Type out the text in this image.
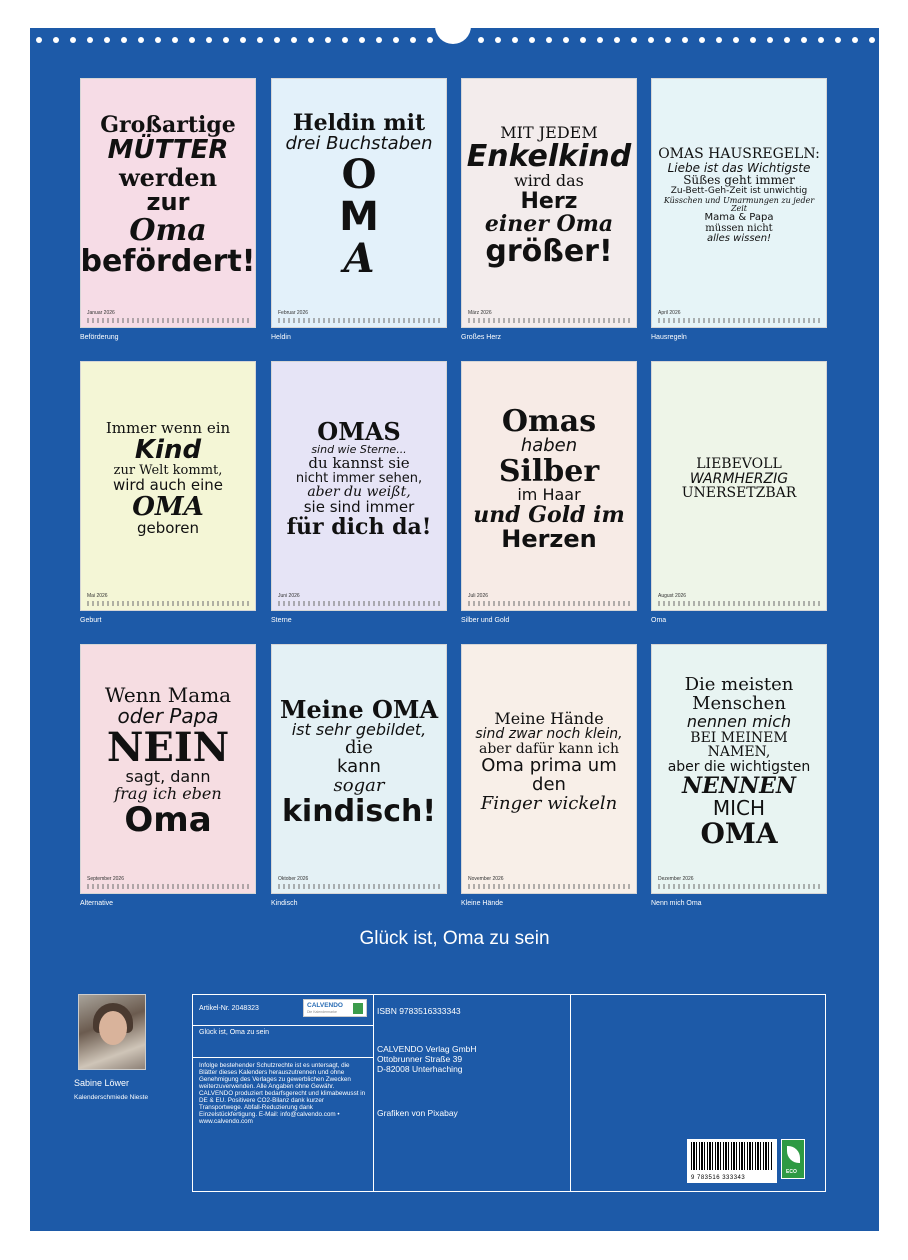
Großartige
MÜTTER
werden
zur
Oma
befördert!
Januar 2026
Beförderung
Heldin mit
drei Buchstaben
O
M
A
Februar 2026
Heldin
MIT JEDEM
Enkelkind
wird das
Herz
einer Oma
größer!
März 2026
Großes Herz
OMAS HAUSREGELN:
Liebe ist das Wichtigste
Süßes geht immer
Zu-Bett-Geh-Zeit ist unwichtig
Küsschen und Umarmungen zu jeder Zeit
Mama & Papa
müssen nicht
alles wissen!
April 2026
Hausregeln
Immer wenn ein
Kind
zur Welt kommt,
wird auch eine
OMA
geboren
Mai 2026
Geburt
OMAS
sind wie Sterne...
du kannst sie
nicht immer sehen,
aber du weißt,
sie sind immer
für dich da!
Juni 2026
Sterne
Omas
haben
Silber
im Haar
und Gold im
Herzen
Juli 2026
Silber und Gold
LIEBEVOLL
WARMHERZIG
UNERSETZBAR
August 2026
Oma
Wenn Mama
oder Papa
NEIN
sagt, dann
frag ich eben
Oma
September 2026
Alternative
Meine OMA
ist sehr gebildet,
die
kann
sogar
kindisch!
Oktober 2026
Kindisch
Meine Hände
sind zwar noch klein,
aber dafür kann ich
Oma prima um den
Finger wickeln
November 2026
Kleine Hände
Die meisten Menschen
nennen mich
BEI MEINEM NAMEN,
aber die wichtigsten
NENNEN
MICH
OMA
Dezember 2026
Nenn mich Oma
Glück ist, Oma zu sein
Sabine Löwer
Kalenderschmiede Nieste
Artikel-Nr. 2048323	CALVENDO
Die Kalendermarke
Glück ist, Oma zu sein
Infolge bestehender Schutzrechte ist es untersagt, die Blätter dieses Kalenders herauszutrennen und ohne Genehmigung des Verlages zu gewerblichen Zwecken weiterzuverwenden. Alle Angaben ohne Gewähr. CALVENDO produziert bedarfsgerecht und klimabewusst in DE & EU. Positivere CO2-Bilanz dank kurzer Transportwege. Abfall-Reduzierung dank Einzelstückfertigung. E-Mail: info@calvendo.com • www.calvendo.com
ISBN 9783516333343
CALVENDO Verlag GmbH
Ottobrunner Straße 39
D-82008 Unterhaching
Grafiken von Pixabay
9 783516 333343
ECO
